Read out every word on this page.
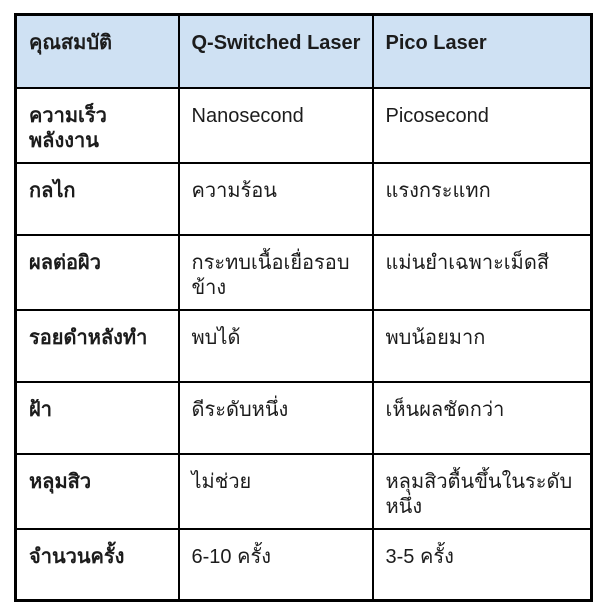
คุณสมบัติ	Q-Switched Laser	Pico Laser
ความเร็วพลังงาน	Nanosecond	Picosecond
กลไก	ความร้อน	แรงกระแทก
ผลต่อผิว	กระทบเนื้อเยื่อรอบข้าง	แม่นยำเฉพาะเม็ดสี
รอยดำหลังทำ	พบได้	พบน้อยมาก
ฝ้า	ดีระดับหนึ่ง	เห็นผลชัดกว่า
หลุมสิว	ไม่ช่วย	หลุมสิวตื้นขึ้นในระดับหนึ่ง
จำนวนครั้ง	6-10 ครั้ง	3-5 ครั้ง
